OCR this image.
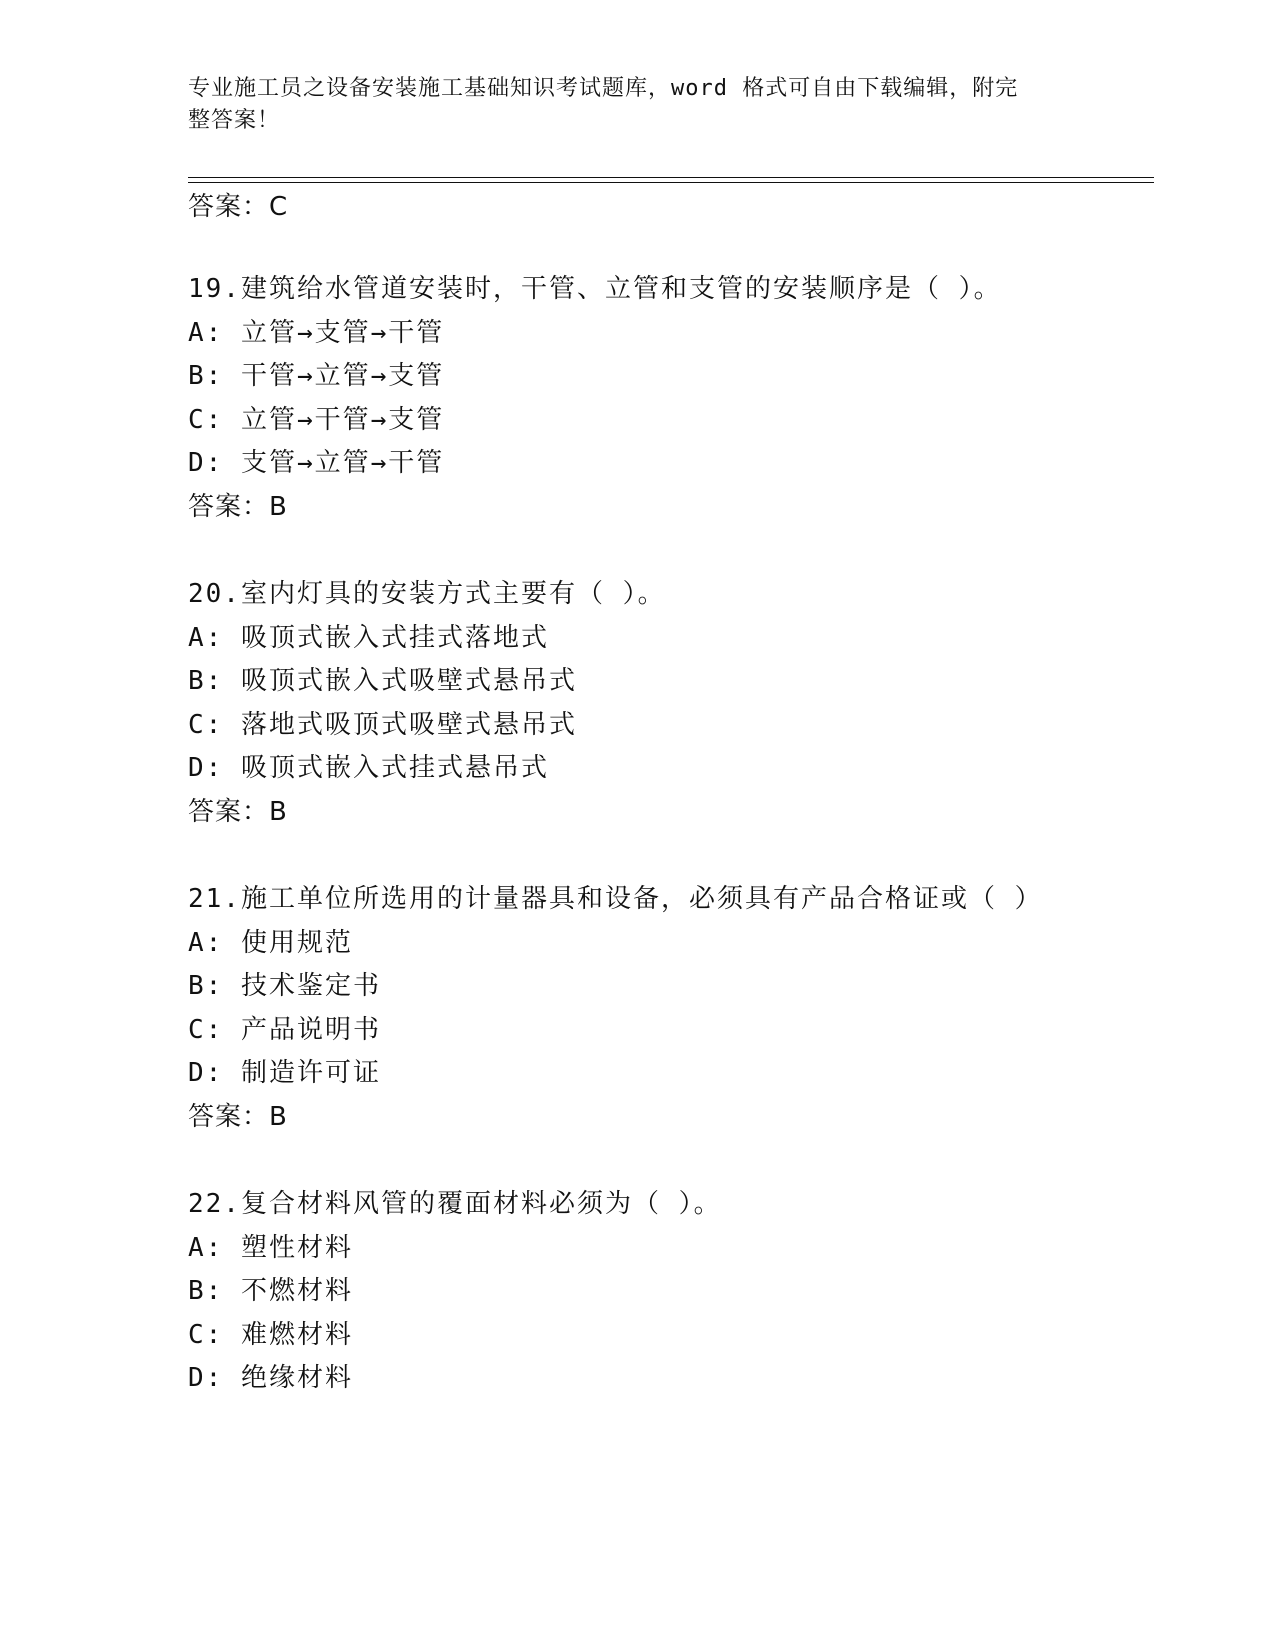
专业施工员之设备安装施工基础知识考试题库，word 格式可自由下载编辑，附完
整答案！
答案：C
19.建筑给水管道安装时，干管、立管和支管的安装顺序是（ ）。
A: 立管→支管→干管
B: 干管→立管→支管
C: 立管→干管→支管
D: 支管→立管→干管
答案：B
20.室内灯具的安装方式主要有（ ）。
A: 吸顶式嵌入式挂式落地式
B: 吸顶式嵌入式吸壁式悬吊式
C: 落地式吸顶式吸壁式悬吊式
D: 吸顶式嵌入式挂式悬吊式
答案：B
21.施工单位所选用的计量器具和设备，必须具有产品合格证或（ ）
A: 使用规范
B: 技术鉴定书
C: 产品说明书
D: 制造许可证
答案：B
22.复合材料风管的覆面材料必须为（ ）。
A: 塑性材料
B: 不燃材料
C: 难燃材料
D: 绝缘材料
